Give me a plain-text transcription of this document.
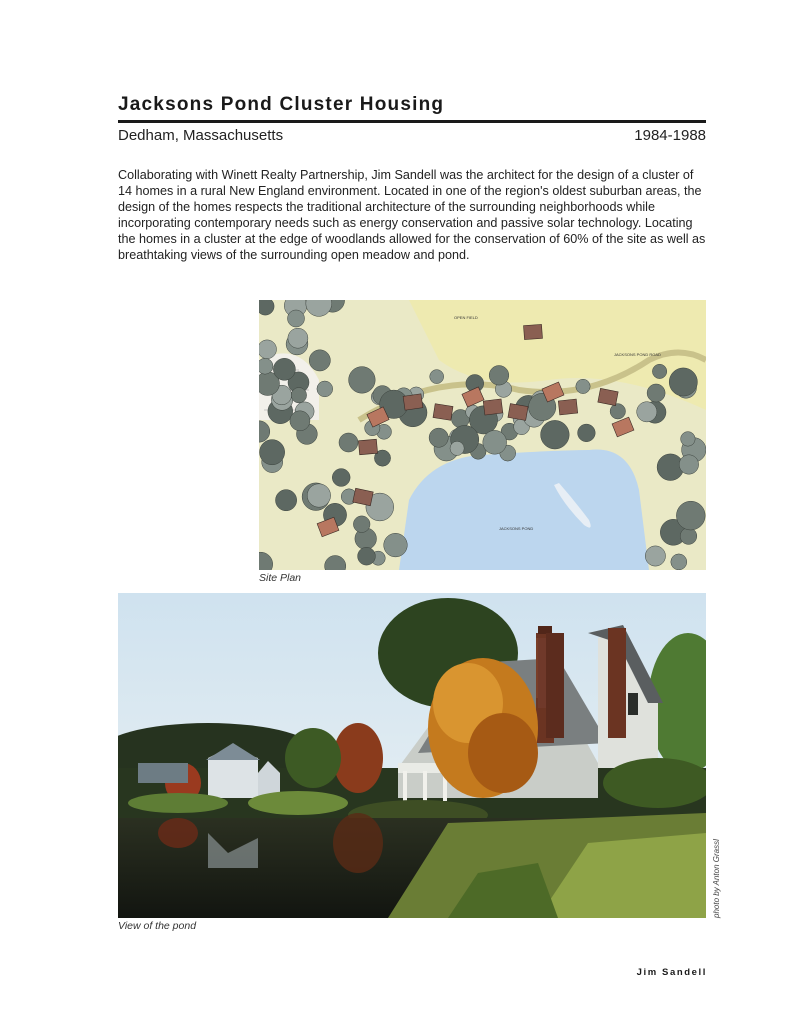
Jacksons Pond Cluster Housing
Dedham, Massachusetts	1984-1988

Collaborating with Winett Realty Partnership, Jim Sandell was the architect for the design of a cluster of 14 homes in a rural New England environment. Located in one of the region's oldest suburban areas, the design of the homes respects the traditional architecture of the surrounding neighborhoods while incorporating contemporary needs such as energy conservation and passive solar technology. Locating the homes in a cluster at the edge of woodlands allowed for the conservation of 60% of the site as well as breathtaking views of the surrounding open meadow and pond.

OPEN FIELD
JACKSONS POND ROAD
JACKSONS POND
Site Plan
photo by Anton Grassl
View of the pond
Jim Sandell
